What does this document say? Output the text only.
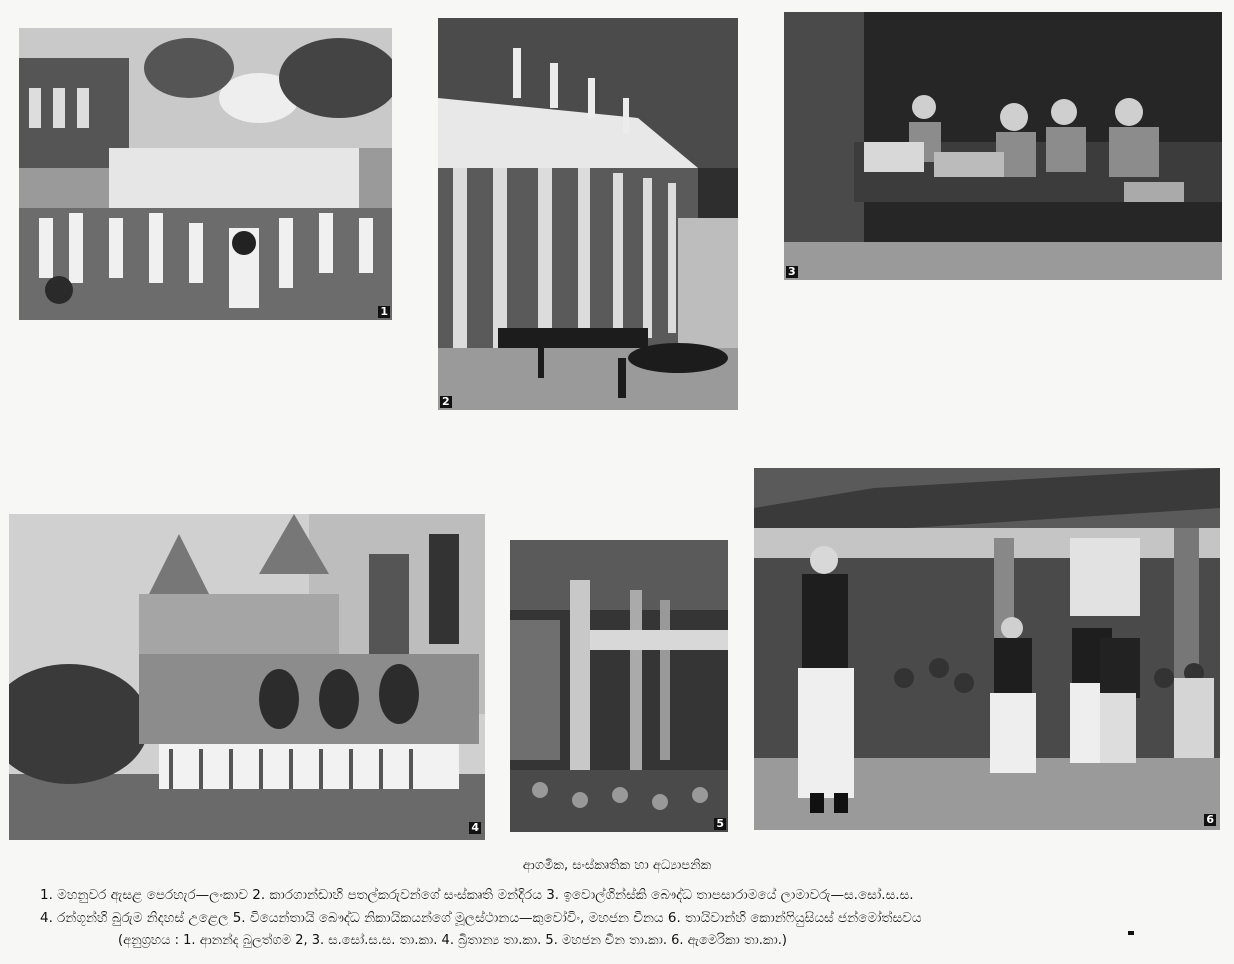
1
2
3
4	5	6
ආගමික, සංස්කෘතික හා අධ්‍යාපනික
1. මහනුවර ඇසළ පෙරහැර—ලංකාව 2. කාරගාන්ඩාහි පතල්කරුවන්ගේ සංස්කෘති මන්දිරය 3. ඉවොල්ගින්ස්කි බෞද්ධ තාපසාරාමයේ ලාමාවරු—ස.සෝ.ස.ස.
4. රන්ගූන්හි බුරුම නිදහස් උළෙල 5. වියෙන්තායි බෞද්ධ නිකායිකයන්ගේ මූලස්ථානය—කුවෝවිං, මහජන චීනය 6. තායිවාන්හි කොන්ෆියුසියස් ජන්මෝත්සවය
(අනුග්‍රහය : 1. ආනන්ද බුලත්ගම 2, 3. ස.සෝ.ස.ස. තා.කා. 4. බ්‍රිතාන්‍ය තා.කා. 5. මහජන චීන තා.කා. 6. ඇමෙරිකා තා.කා.)
